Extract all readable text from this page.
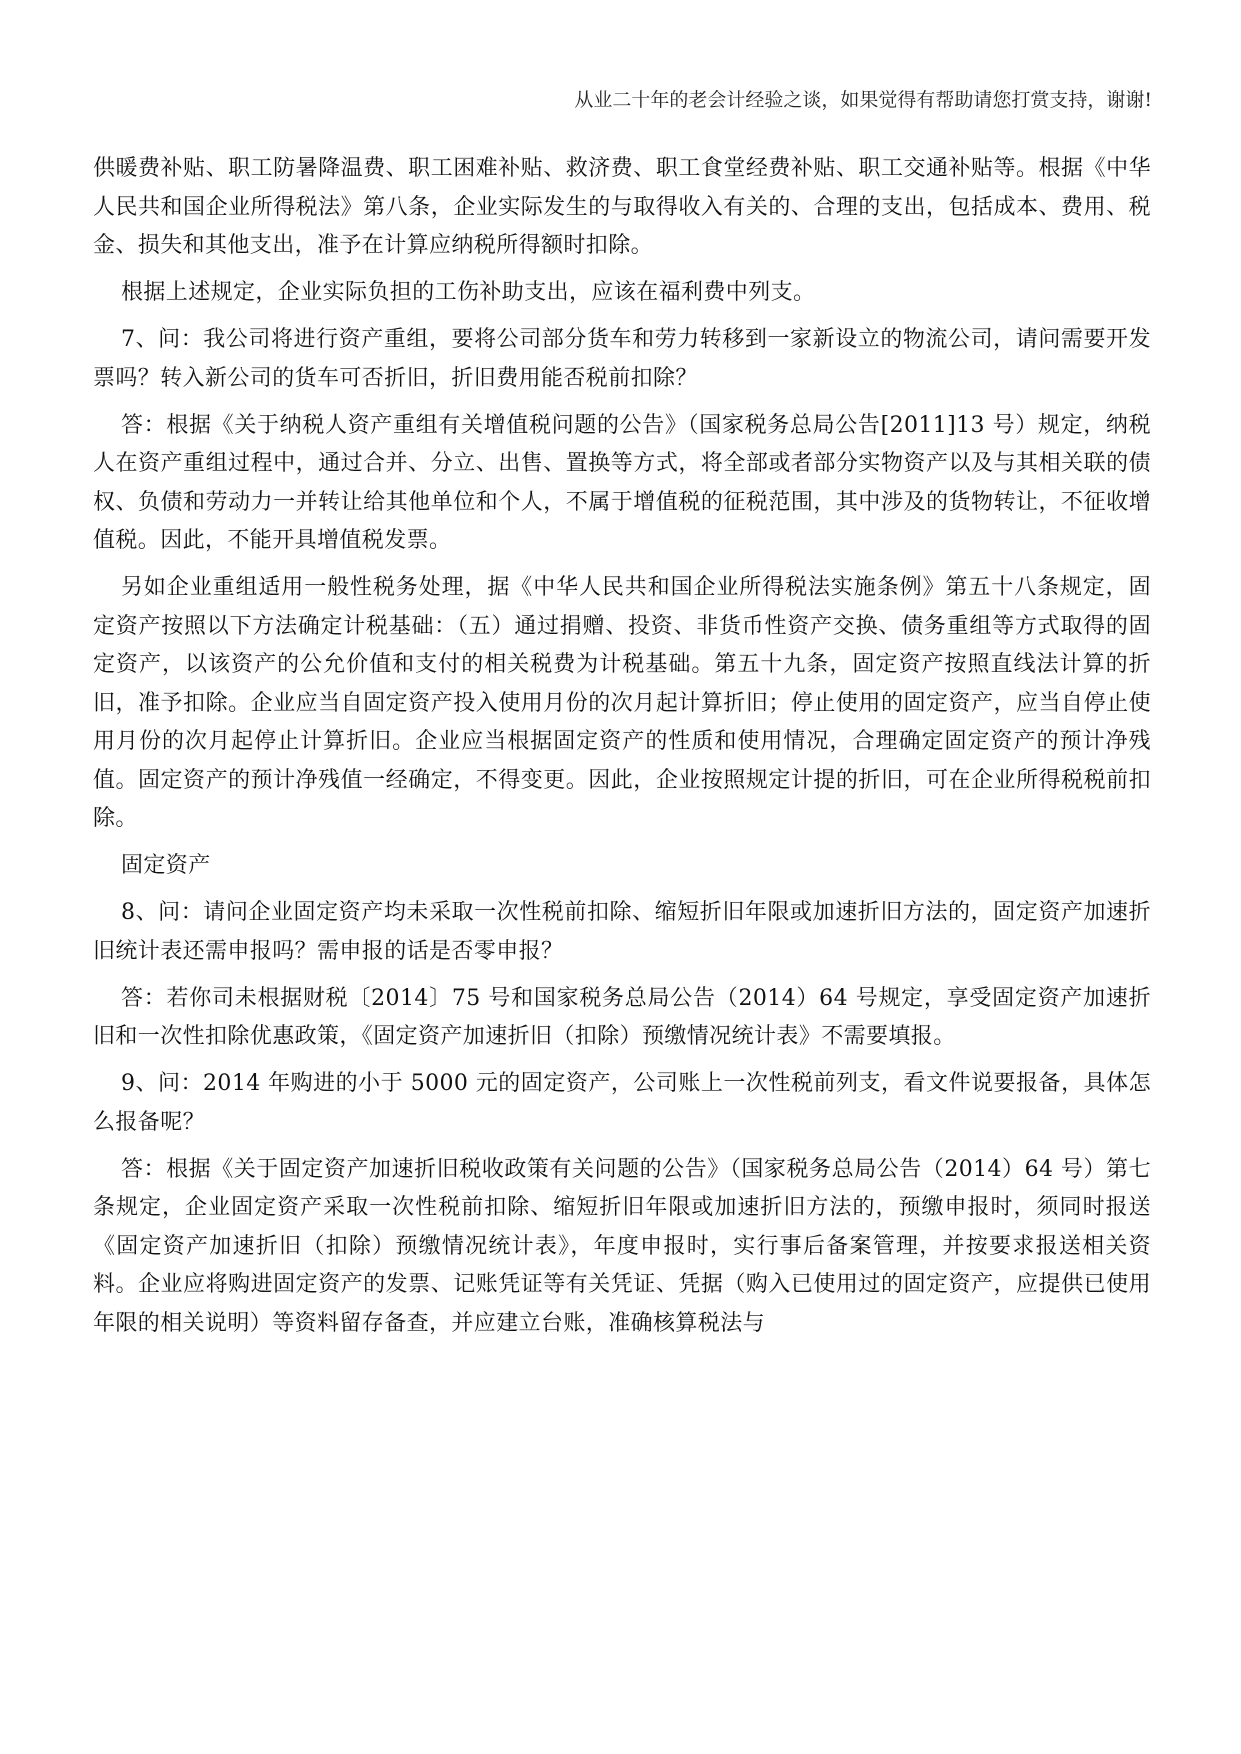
从业二十年的老会计经验之谈，如果觉得有帮助请您打赏支持，谢谢!

供暖费补贴、职工防暑降温费、职工困难补贴、救济费、职工食堂经费补贴、职工交通补贴等。根据《中华人民共和国企业所得税法》第八条，企业实际发生的与取得收入有关的、合理的支出，包括成本、费用、税金、损失和其他支出，准予在计算应纳税所得额时扣除。

根据上述规定，企业实际负担的工伤补助支出，应该在福利费中列支。

7、问：我公司将进行资产重组，要将公司部分货车和劳力转移到一家新设立的物流公司，请问需要开发票吗？转入新公司的货车可否折旧，折旧费用能否税前扣除？

答：根据《关于纳税人资产重组有关增值税问题的公告》（国家税务总局公告[2011]13 号）规定，纳税人在资产重组过程中，通过合并、分立、出售、置换等方式，将全部或者部分实物资产以及与其相关联的债权、负债和劳动力一并转让给其他单位和个人，不属于增值税的征税范围，其中涉及的货物转让，不征收增值税。因此，不能开具增值税发票。

另如企业重组适用一般性税务处理，据《中华人民共和国企业所得税法实施条例》第五十八条规定，固定资产按照以下方法确定计税基础：（五）通过捐赠、投资、非货币性资产交换、债务重组等方式取得的固定资产，以该资产的公允价值和支付的相关税费为计税基础。第五十九条，固定资产按照直线法计算的折旧，准予扣除。企业应当自固定资产投入使用月份的次月起计算折旧；停止使用的固定资产，应当自停止使用月份的次月起停止计算折旧。企业应当根据固定资产的性质和使用情况，合理确定固定资产的预计净残值。固定资产的预计净残值一经确定，不得变更。因此，企业按照规定计提的折旧，可在企业所得税税前扣除。

固定资产

8、问：请问企业固定资产均未采取一次性税前扣除、缩短折旧年限或加速折旧方法的，固定资产加速折旧统计表还需申报吗？需申报的话是否零申报？

答：若你司未根据财税〔2014〕75 号和国家税务总局公告（2014）64 号规定，享受固定资产加速折旧和一次性扣除优惠政策，《固定资产加速折旧（扣除）预缴情况统计表》不需要填报。

9、问：2014 年购进的小于 5000 元的固定资产，公司账上一次性税前列支，看文件说要报备，具体怎么报备呢？

答：根据《关于固定资产加速折旧税收政策有关问题的公告》（国家税务总局公告（2014）64 号）第七条规定，企业固定资产采取一次性税前扣除、缩短折旧年限或加速折旧方法的，预缴申报时，须同时报送《固定资产加速折旧（扣除）预缴情况统计表》，年度申报时，实行事后备案管理，并按要求报送相关资料。企业应将购进固定资产的发票、记账凭证等有关凭证、凭据（购入已使用过的固定资产，应提供已使用年限的相关说明）等资料留存备查，并应建立台账，准确核算税法与
